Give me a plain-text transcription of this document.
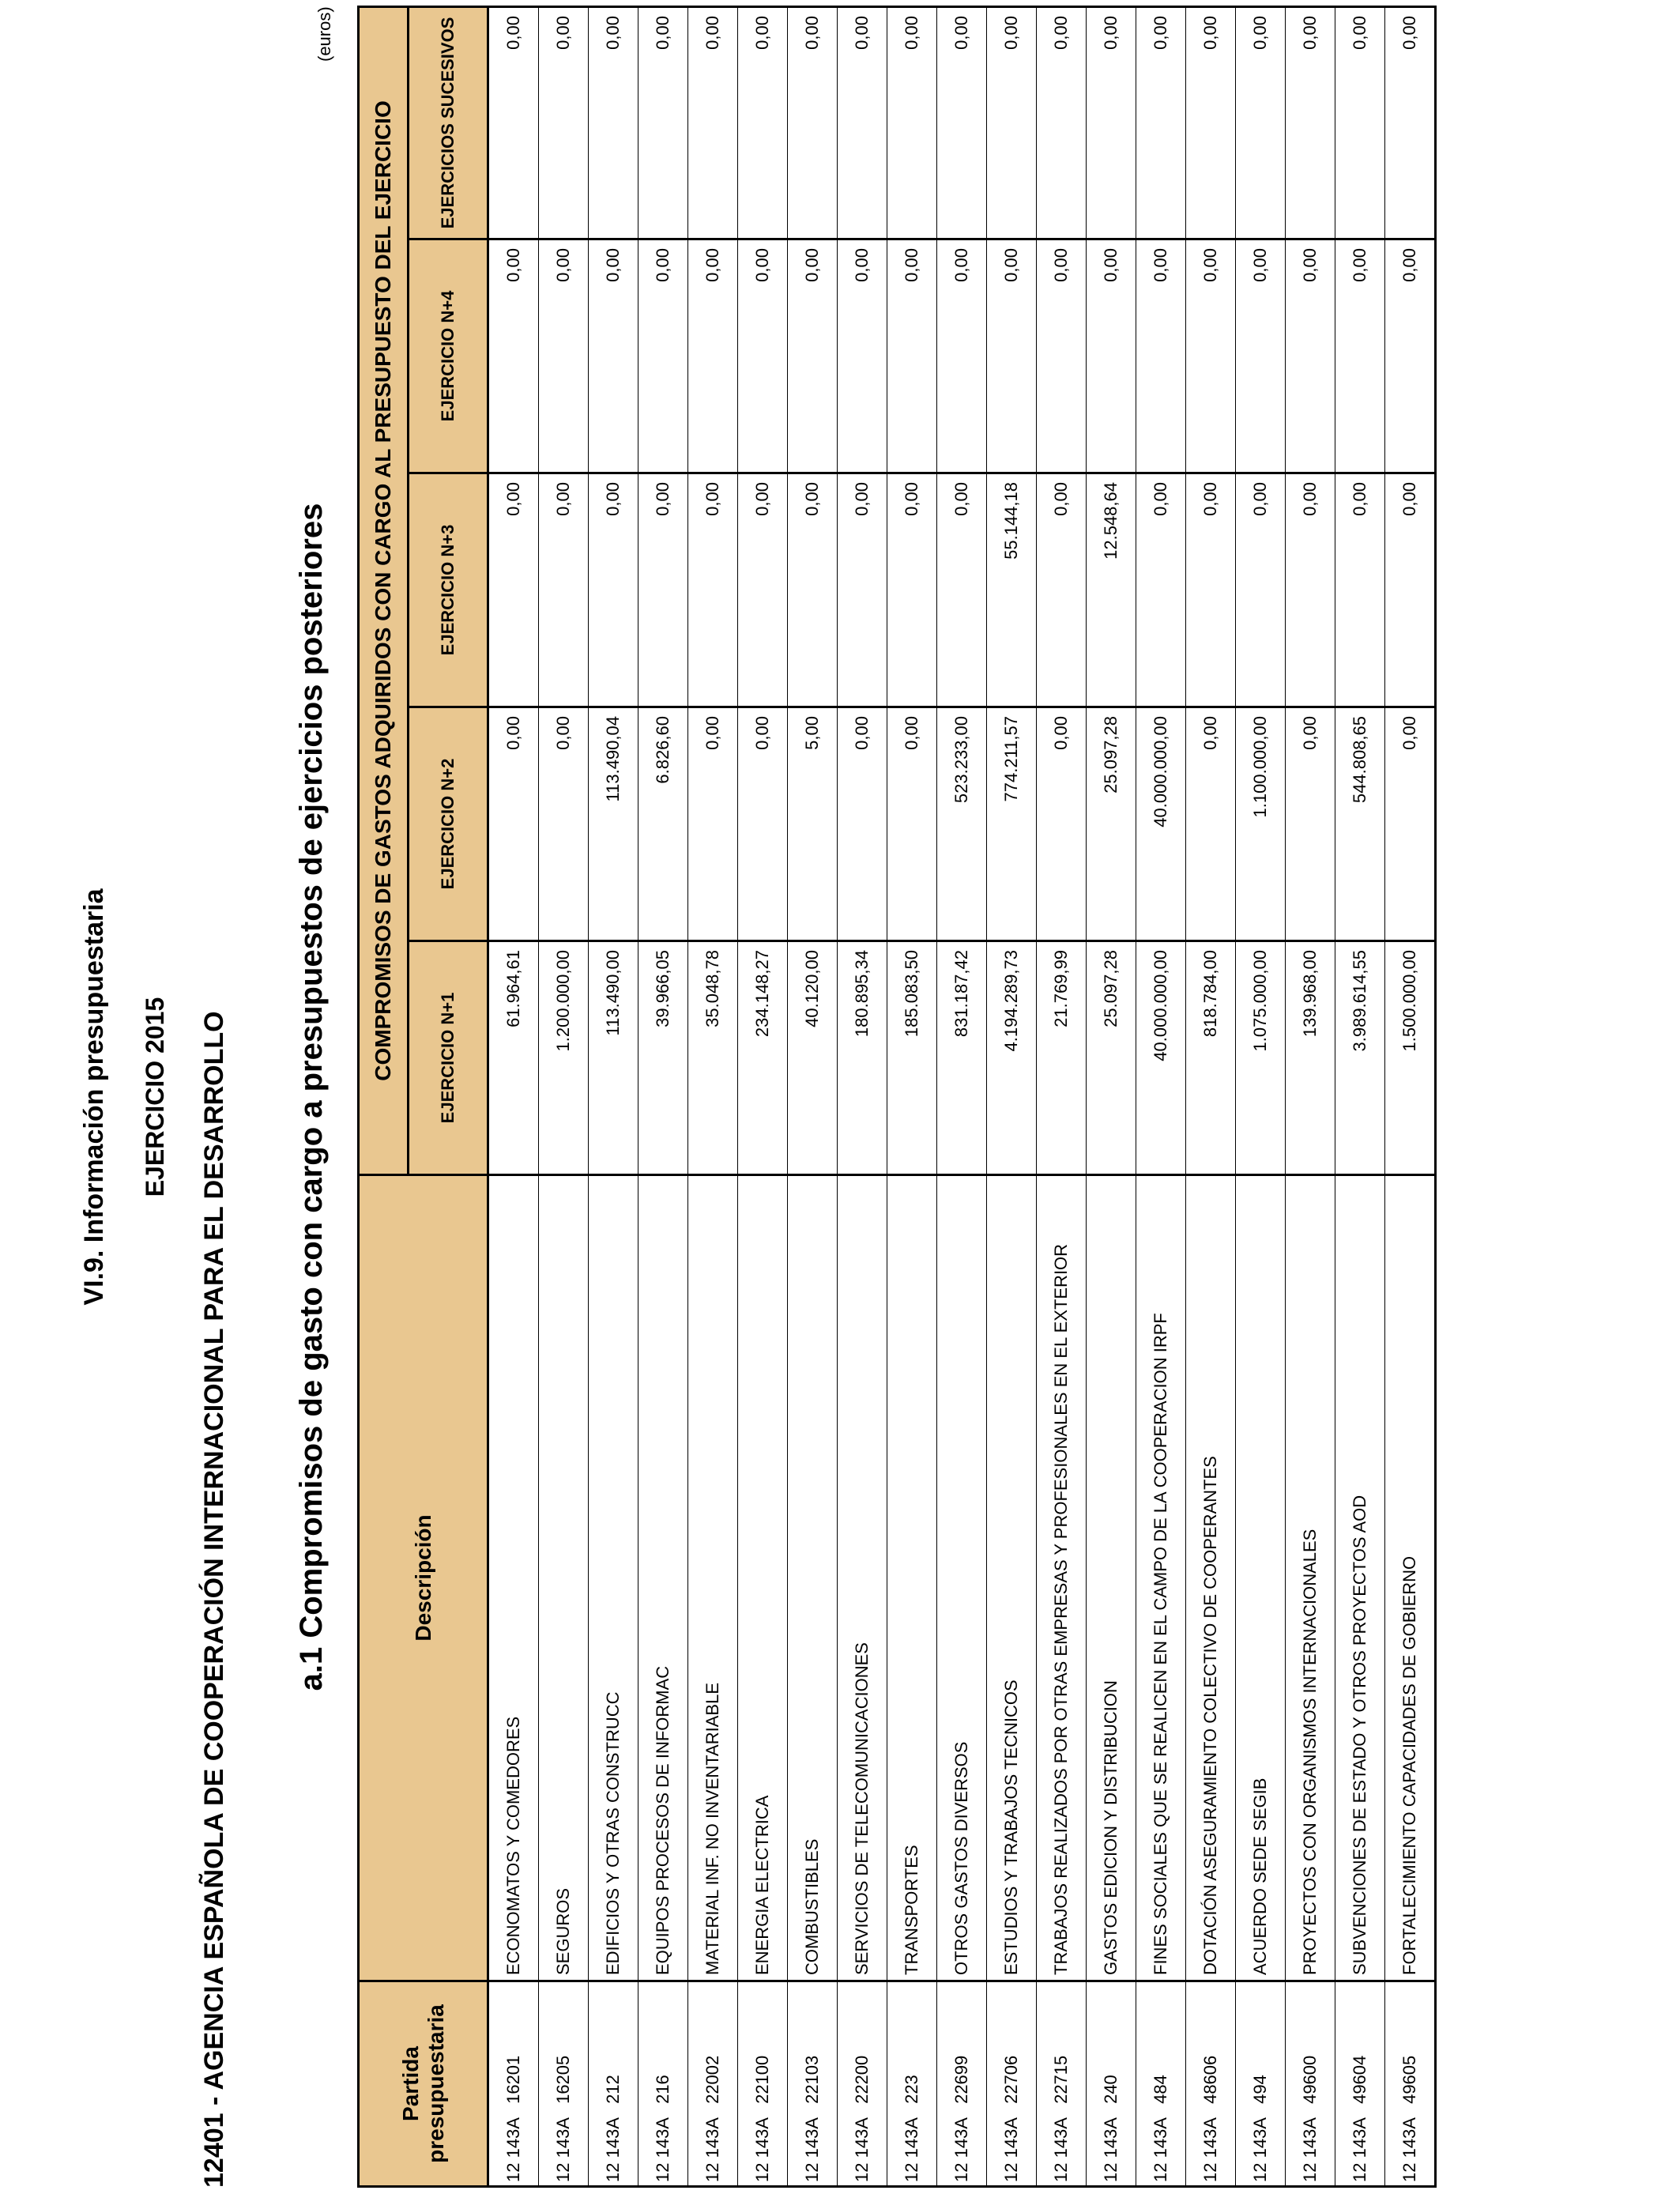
VI.9. Información presupuestaria EJERCICIO 2015 12401 - AGENCIA ESPAÑOLA DE COOPERACIÓN INTERNACIONAL PARA EL DESARROLLO a.1 Compromisos de gasto con cargo a presupuestos de ejercicios posteriores
(euros)
Partida presupuestaria	Descripción	COMPROMISOS DE GASTOS ADQUIRIDOS CON CARGO AL PRESUPUESTO DEL EJERCICIO				
		EJERCICIO N+1	EJERCICIO N+2	EJERCICIO N+3	EJERCICIO N+4	EJERCICIOS SUCESIVOS
12 143A   16201	ECONOMATOS Y COMEDORES	61.964,61	0,00	0,00	0,00	0,00
12 143A   16205	SEGUROS	1.200.000,00	0,00	0,00	0,00	0,00
12 143A   212	EDIFICIOS Y OTRAS CONSTRUCC	113.490,00	113.490,04	0,00	0,00	0,00
12 143A   216	EQUIPOS PROCESOS DE INFORMAC	39.966,05	6.826,60	0,00	0,00	0,00
12 143A   22002	MATERIAL INF. NO INVENTARIABLE	35.048,78	0,00	0,00	0,00	0,00
12 143A   22100	ENERGIA ELECTRICA	234.148,27	0,00	0,00	0,00	0,00
12 143A   22103	COMBUSTIBLES	40.120,00	5,00	0,00	0,00	0,00
12 143A   22200	SERVICIOS DE TELECOMUNICACIONES	180.895,34	0,00	0,00	0,00	0,00
12 143A   223	TRANSPORTES	185.083,50	0,00	0,00	0,00	0,00
12 143A   22699	OTROS GASTOS DIVERSOS	831.187,42	523.233,00	0,00	0,00	0,00
12 143A   22706	ESTUDIOS Y TRABAJOS TECNICOS	4.194.289,73	774.211,57	55.144,18	0,00	0,00
12 143A   22715	TRABAJOS REALIZADOS POR OTRAS EMPRESAS Y PROFESIONALES EN EL EXTERIOR	21.769,99	0,00	0,00	0,00	0,00
12 143A   240	GASTOS EDICION Y DISTRIBUCION	25.097,28	25.097,28	12.548,64	0,00	0,00
12 143A   484	FINES SOCIALES QUE SE REALICEN EN EL CAMPO DE LA COOPERACION IRPF	40.000.000,00	40.000.000,00	0,00	0,00	0,00
12 143A   48606	DOTACIÓN ASEGURAMIENTO COLECTIVO DE COOPERANTES	818.784,00	0,00	0,00	0,00	0,00
12 143A   494	ACUERDO SEDE SEGIB	1.075.000,00	1.100.000,00	0,00	0,00	0,00
12 143A   49600	PROYECTOS CON ORGANISMOS INTERNACIONALES	139.968,00	0,00	0,00	0,00	0,00
12 143A   49604	SUBVENCIONES DE ESTADO Y OTROS PROYECTOS AOD	3.989.614,55	544.808,65	0,00	0,00	0,00
12 143A   49605	FORTALECIMIENTO CAPACIDADES DE GOBIERNO	1.500.000,00	0,00	0,00	0,00	0,00
